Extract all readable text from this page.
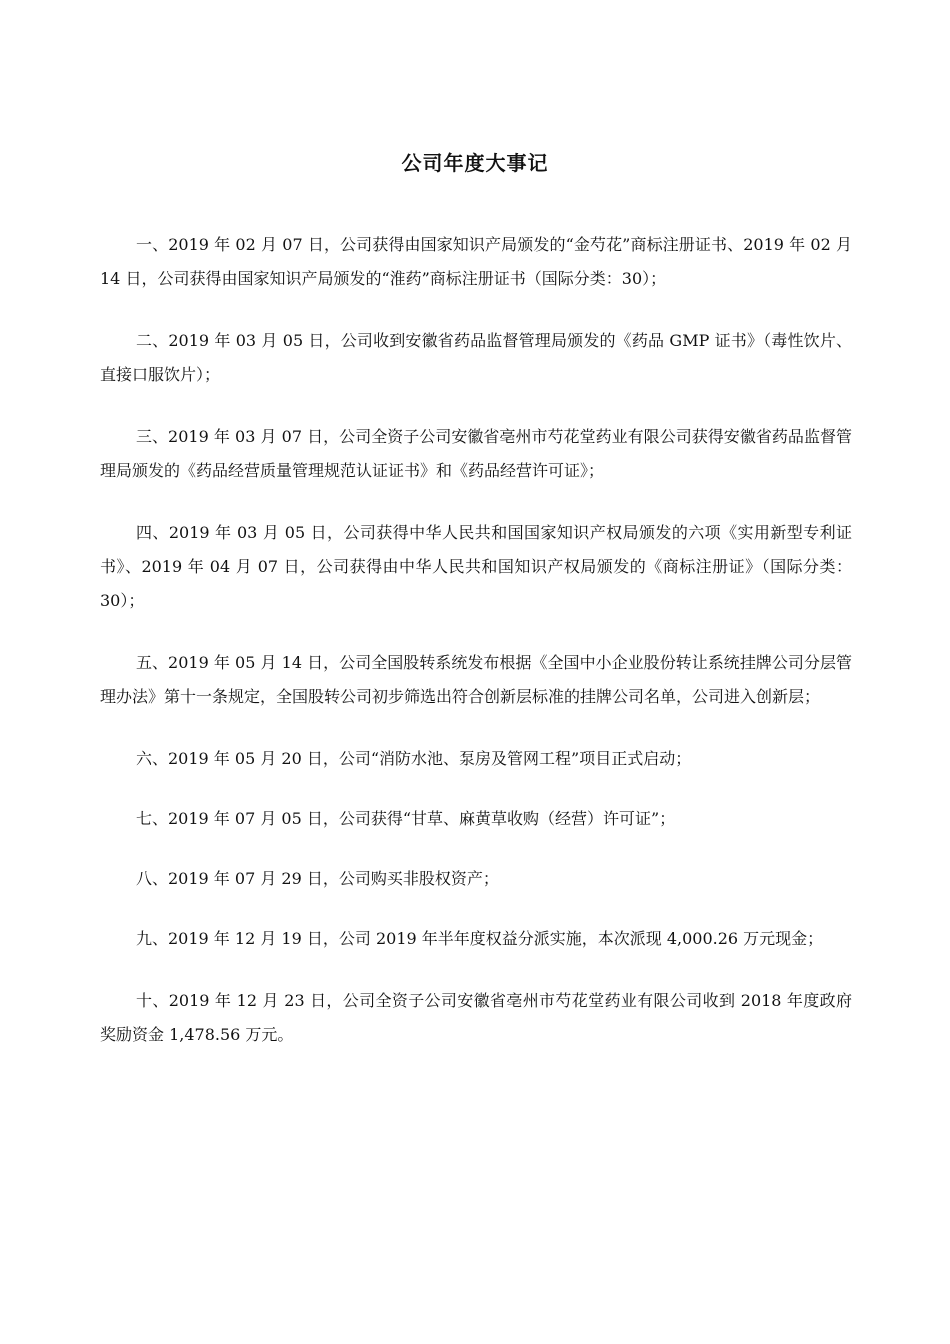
公司年度大事记

一、2019 年 02 月 07 日，公司获得由国家知识产局颁发的“金芍花”商标注册证书、2019 年 02 月 14 日，公司获得由国家知识产局颁发的“淮药”商标注册证书（国际分类：30）；

二、2019 年 03 月 05 日，公司收到安徽省药品监督管理局颁发的《药品 GMP 证书》（毒性饮片、直接口服饮片）；

三、2019 年 03 月 07 日，公司全资子公司安徽省亳州市芍花堂药业有限公司获得安徽省药品监督管理局颁发的《药品经营质量管理规范认证证书》和《药品经营许可证》；

四、2019 年 03 月 05 日，公司获得中华人民共和国国家知识产权局颁发的六项《实用新型专利证书》、2019 年 04 月 07 日，公司获得由中华人民共和国知识产权局颁发的《商标注册证》（国际分类：30）；

五、2019 年 05 月 14 日，公司全国股转系统发布根据《全国中小企业股份转让系统挂牌公司分层管理办法》第十一条规定，全国股转公司初步筛选出符合创新层标准的挂牌公司名单，公司进入创新层；

六、2019 年 05 月 20 日，公司“消防水池、泵房及管网工程”项目正式启动；

七、2019 年 07 月 05 日，公司获得“甘草、麻黄草收购（经营）许可证”；

八、2019 年 07 月 29 日，公司购买非股权资产；

九、2019 年 12 月 19 日，公司 2019 年半年度权益分派实施，本次派现 4,000.26 万元现金；

十、2019 年 12 月 23 日，公司全资子公司安徽省亳州市芍花堂药业有限公司收到 2018 年度政府奖励资金 1,478.56 万元。
